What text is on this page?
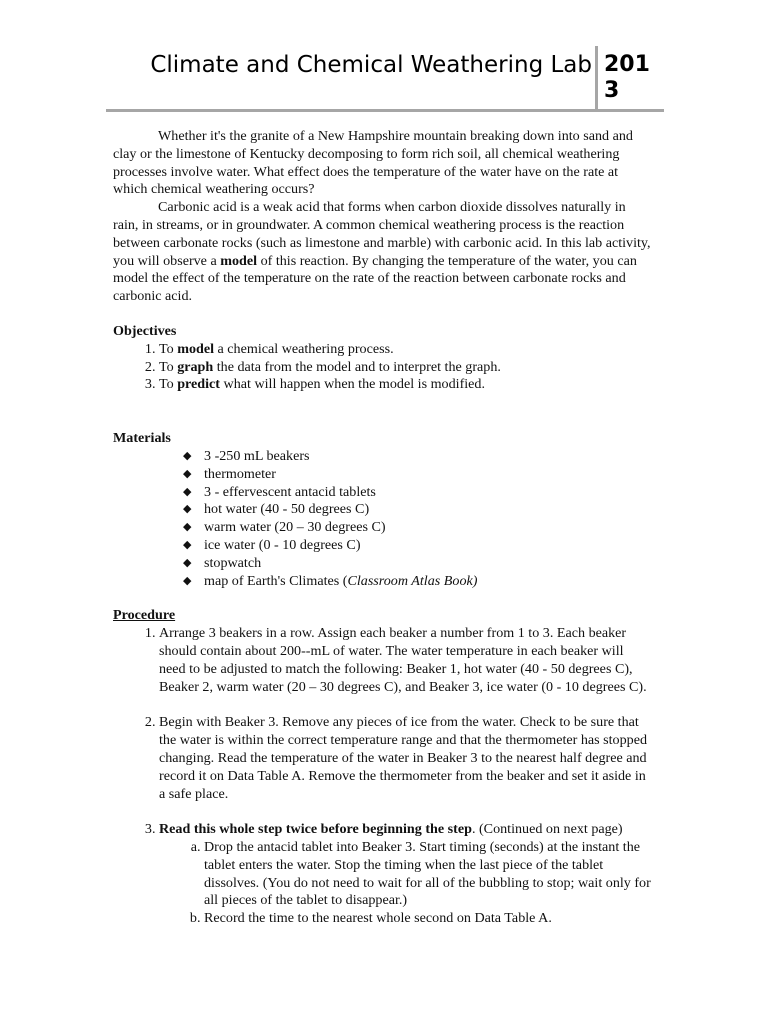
Climate and Chemical Weathering Lab 2013

Whether it's the granite of a New Hampshire mountain breaking down into sand and clay or the limestone of Kentucky decomposing to form rich soil, all chemical weathering processes involve water. What effect does the temperature of the water have on the rate at which chemical weathering occurs?

Carbonic acid is a weak acid that forms when carbon dioxide dissolves naturally in rain, in streams, or in groundwater. A common chemical weathering process is the reaction between carbonate rocks (such as limestone and marble) with carbonic acid. In this lab activity, you will observe a model of this reaction. By changing the temperature of the water, you can model the effect of the temperature on the rate of the reaction between carbonate rocks and carbonic acid.

Objectives

1. To model a chemical weathering process.
2. To graph the data from the model and to interpret the graph.
3. To predict what will happen when the model is modified.

Materials

◆ 3 -250 mL beakers
◆ thermometer
◆ 3 - effervescent antacid tablets
◆ hot water (40 - 50 degrees C)
◆ warm water (20 – 30 degrees C)
◆ ice water (0 - 10 degrees C)
◆ stopwatch
◆ map of Earth's Climates (Classroom Atlas Book)

Procedure

1. Arrange 3 beakers in a row. Assign each beaker a number from 1 to 3. Each beaker should contain about 200--mL of water. The water temperature in each beaker will need to be adjusted to match the following: Beaker 1, hot water (40 - 50 degrees C), Beaker 2, warm water (20 – 30 degrees C), and Beaker 3, ice water (0 - 10 degrees C).
2. Begin with Beaker 3. Remove any pieces of ice from the water. Check to be sure that the water is within the correct temperature range and that the thermometer has stopped changing. Read the temperature of the water in Beaker 3 to the nearest half degree and record it on Data Table A. Remove the thermometer from the beaker and set it aside in a safe place.
3. Read this whole step twice before beginning the step. (Continued on next page)
a. Drop the antacid tablet into Beaker 3. Start timing (seconds) at the instant the tablet enters the water. Stop the timing when the last piece of the tablet dissolves. (You do not need to wait for all of the bubbling to stop; wait only for all pieces of the tablet to disappear.)
b. Record the time to the nearest whole second on Data Table A.
